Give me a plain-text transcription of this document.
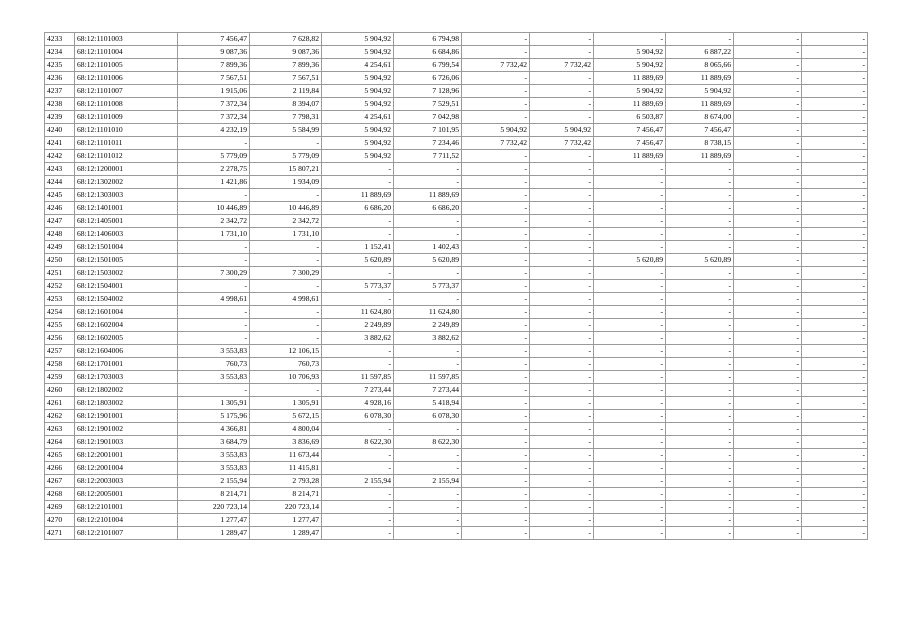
4233	68:12:1101003	7 456,47	7 628,82	5 904,92	6 794,98	-	-	-	-	-	-
4234	68:12:1101004	9 087,36	9 087,36	5 904,92	6 684,86	-	-	5 904,92	6 887,22	-	-
4235	68:12:1101005	7 899,36	7 899,36	4 254,61	6 799,54	7 732,42	7 732,42	5 904,92	8 065,66	-	-
4236	68:12:1101006	7 567,51	7 567,51	5 904,92	6 726,06	-	-	11 889,69	11 889,69	-	-
4237	68:12:1101007	1 915,06	2 119,84	5 904,92	7 128,96	-	-	5 904,92	5 904,92	-	-
4238	68:12:1101008	7 372,34	8 394,07	5 904,92	7 529,51	-	-	11 889,69	11 889,69	-	-
4239	68:12:1101009	7 372,34	7 798,31	4 254,61	7 042,98	-	-	6 503,87	8 674,00	-	-
4240	68:12:1101010	4 232,19	5 584,99	5 904,92	7 101,95	5 904,92	5 904,92	7 456,47	7 456,47	-	-
4241	68:12:1101011	-	-	5 904,92	7 234,46	7 732,42	7 732,42	7 456,47	8 738,15	-	-
4242	68:12:1101012	5 779,09	5 779,09	5 904,92	7 711,52	-	-	11 889,69	11 889,69	-	-
4243	68:12:1200001	2 278,75	15 807,21	-	-	-	-	-	-	-	-
4244	68:12:1302002	1 421,86	1 934,09	-	-	-	-	-	-	-	-
4245	68:12:1303003	-	-	11 889,69	11 889,69	-	-	-	-	-	-
4246	68:12:1401001	10 446,89	10 446,89	6 686,20	6 686,20	-	-	-	-	-	-
4247	68:12:1405001	2 342,72	2 342,72	-	-	-	-	-	-	-	-
4248	68:12:1406003	1 731,10	1 731,10	-	-	-	-	-	-	-	-
4249	68:12:1501004	-	-	1 152,41	1 402,43	-	-	-	-	-	-
4250	68:12:1501005	-	-	5 620,89	5 620,89	-	-	5 620,89	5 620,89	-	-
4251	68:12:1503002	7 300,29	7 300,29	-	-	-	-	-	-	-	-
4252	68:12:1504001	-	-	5 773,37	5 773,37	-	-	-	-	-	-
4253	68:12:1504002	4 998,61	4 998,61	-	-	-	-	-	-	-	-
4254	68:12:1601004	-	-	11 624,80	11 624,80	-	-	-	-	-	-
4255	68:12:1602004	-	-	2 249,89	2 249,89	-	-	-	-	-	-
4256	68:12:1602005	-	-	3 882,62	3 882,62	-	-	-	-	-	-
4257	68:12:1604006	3 553,83	12 106,15	-	-	-	-	-	-	-	-
4258	68:12:1701001	760,73	760,73	-	-	-	-	-	-	-	-
4259	68:12:1703003	3 553,83	10 706,93	11 597,85	11 597,85	-	-	-	-	-	-
4260	68:12:1802002	-	-	7 273,44	7 273,44	-	-	-	-	-	-
4261	68:12:1803002	1 305,91	1 305,91	4 928,16	5 418,94	-	-	-	-	-	-
4262	68:12:1901001	5 175,96	5 672,15	6 078,30	6 078,30	-	-	-	-	-	-
4263	68:12:1901002	4 366,81	4 800,04	-	-	-	-	-	-	-	-
4264	68:12:1901003	3 684,79	3 836,69	8 622,30	8 622,30	-	-	-	-	-	-
4265	68:12:2001001	3 553,83	11 673,44	-	-	-	-	-	-	-	-
4266	68:12:2001004	3 553,83	11 415,81	-	-	-	-	-	-	-	-
4267	68:12:2003003	2 155,94	2 793,28	2 155,94	2 155,94	-	-	-	-	-	-
4268	68:12:2005001	8 214,71	8 214,71	-	-	-	-	-	-	-	-
4269	68:12:2101001	220 723,14	220 723,14	-	-	-	-	-	-	-	-
4270	68:12:2101004	1 277,47	1 277,47	-	-	-	-	-	-	-	-
4271	68:12:2101007	1 289,47	1 289,47	-	-	-	-	-	-	-	-
